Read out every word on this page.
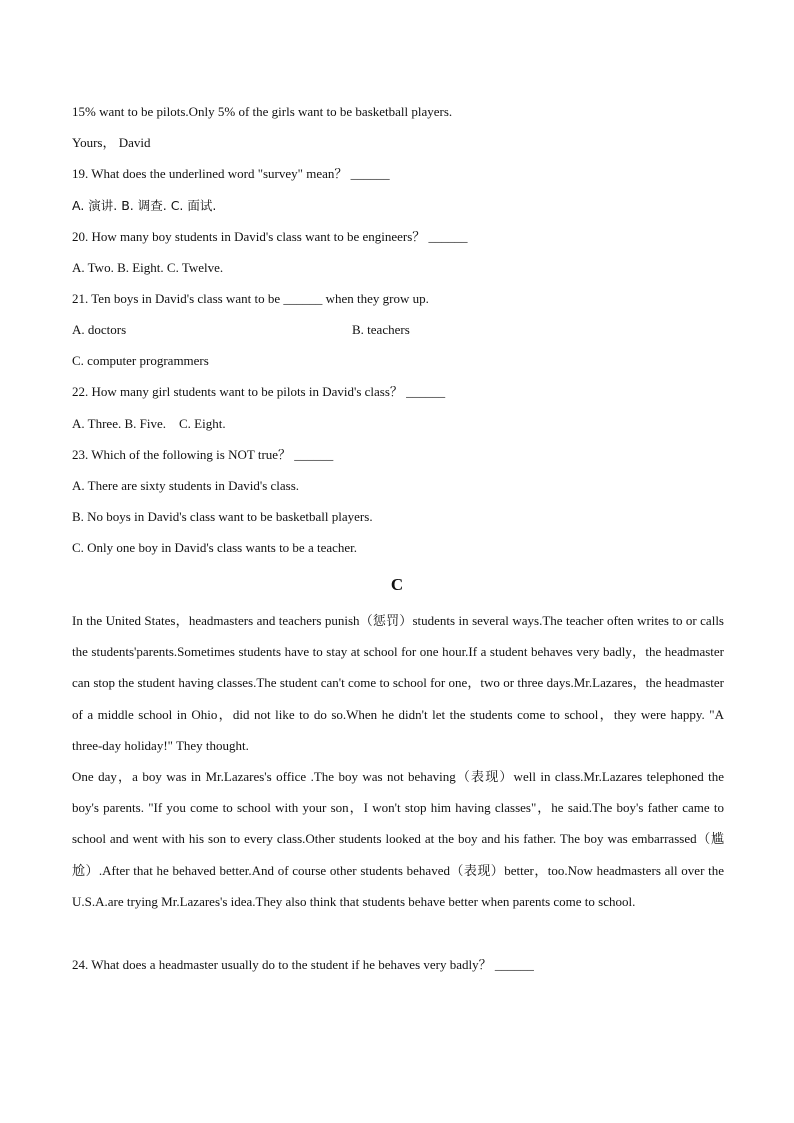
15% want to be pilots.Only 5% of the girls want to be basketball players.
Yours， David
19. What does the underlined word "survey" mean？ ______
A. 演讲. B. 调查. C. 面试.
20. How many boy students in David's class want to be engineers？ ______
A. Two. B. Eight. C. Twelve.
21. Ten boys in David's class want to be ______ when they grow up.
A. doctors	B. teachers
C. computer programmers
22. How many girl students want to be pilots in David's class？ ______
A. Three. B. Five.    C. Eight.
23. Which of the following is NOT true？ ______
A. There are sixty students in David's class.
B. No boys in David's class want to be basketball players.
C. Only one boy in David's class wants to be a teacher.
C
In the United States，headmasters and teachers punish（惩罚）students in several ways.The teacher often writes to or calls the students'parents.Sometimes students have to stay at school for one hour.If a student behaves very badly，the headmaster can stop the student having classes.The student can't come to school for one，two or three days.Mr.Lazares，the headmaster of a middle school in Ohio，did not like to do so.When he didn't let the students come to school，they were happy. "A three-day holiday!" They thought.
One day，a boy was in Mr.Lazares's office .The boy was not behaving（表现）well in class.Mr.Lazares telephoned the boy's parents. "If you come to school with your son，I won't stop him having classes"，he said.The boy's father came to school and went with his son to every class.Other students looked at the boy and his father. The boy was embarrassed（尴尬）.After that he behaved better.And of course other students behaved（表现）better，too.Now headmasters all over the U.S.A.are trying Mr.Lazares's idea.They also think that students behave better when parents come to school.
24. What does a headmaster usually do to the student if he behaves very badly？ ______
